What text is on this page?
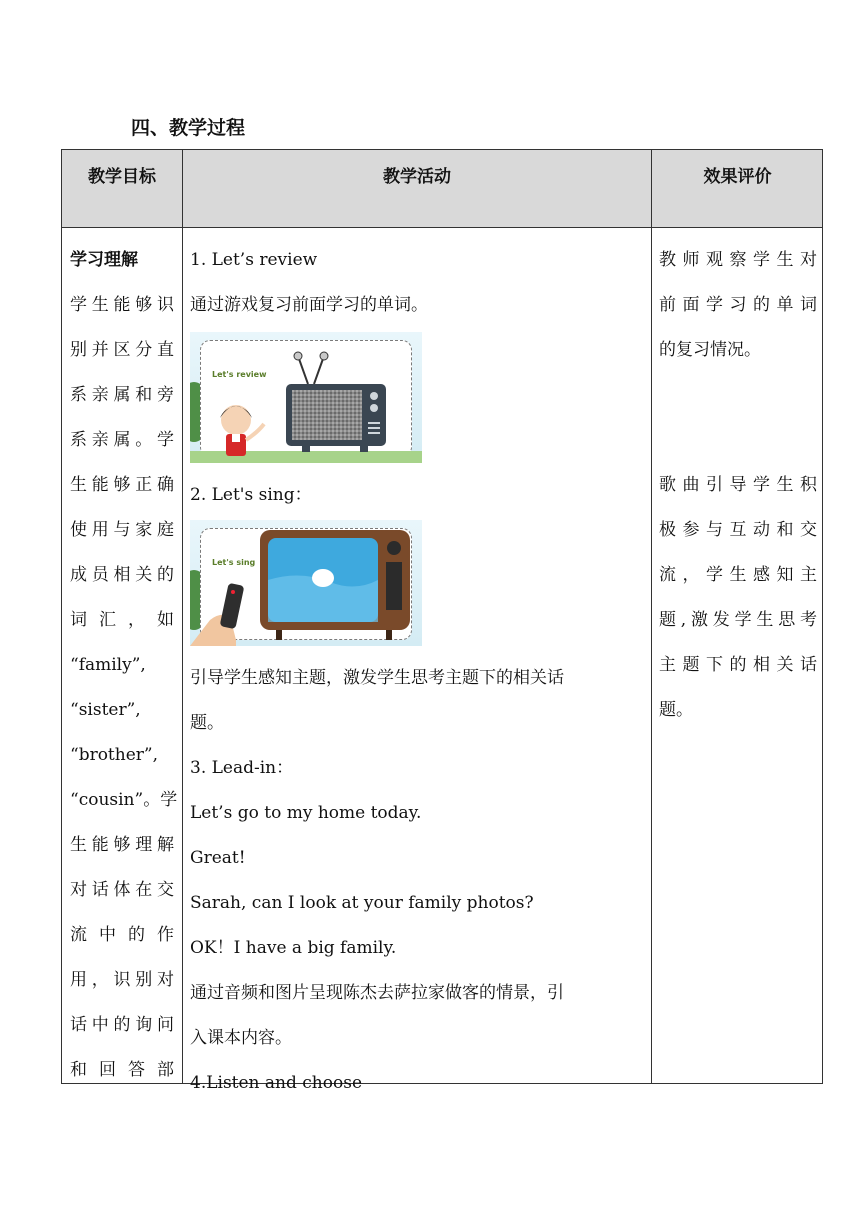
四、教学过程
教学目标	教学活动	效果评价
学习理解
学生能够识
别并区分直
系亲属和旁
系亲属。学
生能够正确
使用与家庭
成员相关的
词 汇 ， 如
“family”,
“sister”,
“brother”,
“cousin”。学
生能够理解
对话体在交
流 中 的 作
用，识别对
话中的询问
和 回 答 部
1. Let’s review
通过游戏复习前面学习的单词。
Let's review
2. Let's sing：
Let's sing
引导学生感知主题，激发学生思考主题下的相关话
题。
3. Lead-in：
Let’s go to my home today.
Great!
Sarah, can I look at your family photos?
OK！I have a big family.
通过音频和图片呈现陈杰去萨拉家做客的情景，引
入课本内容。
4.Listen and choose
教师观察学生对
前面学习的单词
的复习情况。
歌曲引导学生积
极参与互动和交
流，学生感知主
题,激发学生思考
主题下的相关话
题。
